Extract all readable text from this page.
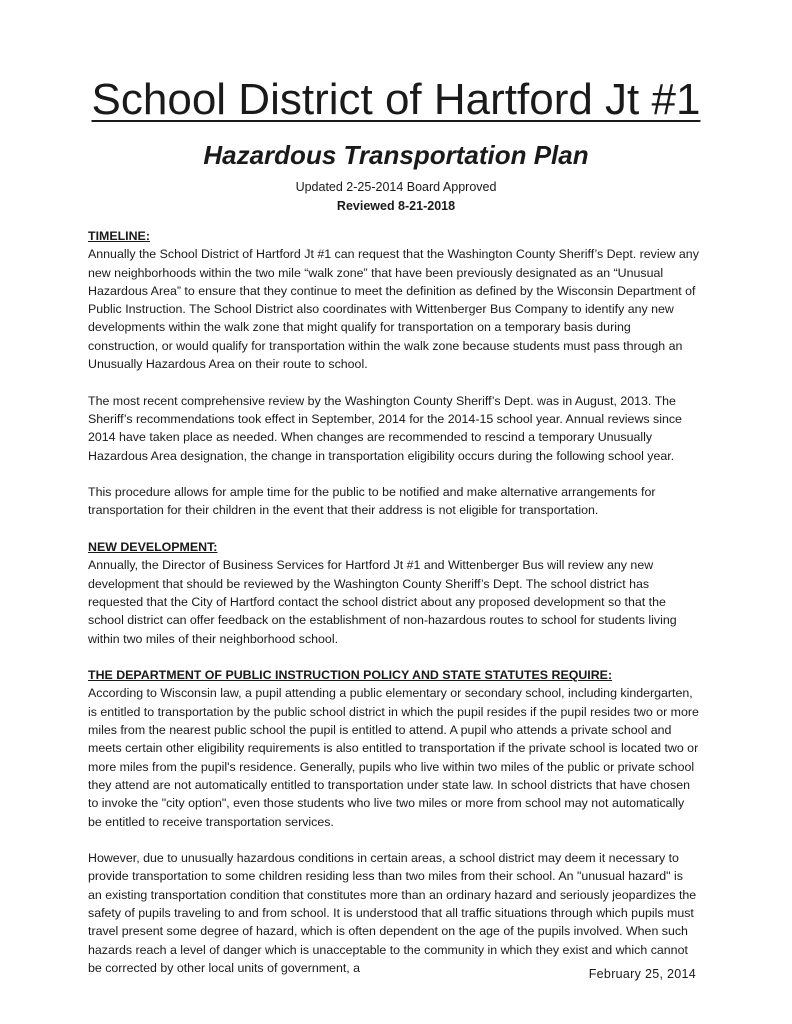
School District of Hartford Jt #1
Hazardous Transportation Plan
Updated 2-25-2014 Board Approved
Reviewed 8-21-2018
TIMELINE:

Annually the School District of Hartford Jt #1 can request that the Washington County Sheriff’s Dept. review any new neighborhoods within the two mile “walk zone” that have been previously designated as an “Unusual Hazardous Area” to ensure that they continue to meet the definition as defined by the Wisconsin Department of Public Instruction. The School District also coordinates with Wittenberger Bus Company to identify any new developments within the walk zone that might qualify for transportation on a temporary basis during construction, or would qualify for transportation within the walk zone because students must pass through an Unusually Hazardous Area on their route to school.

The most recent comprehensive review by the Washington County Sheriff’s Dept. was in August, 2013. The Sheriff’s recommendations took effect in September, 2014 for the 2014-15 school year. Annual reviews since 2014 have taken place as needed. When changes are recommended to rescind a temporary Unusually Hazardous Area designation, the change in transportation eligibility occurs during the following school year.

This procedure allows for ample time for the public to be notified and make alternative arrangements for transportation for their children in the event that their address is not eligible for transportation.

NEW DEVELOPMENT:

Annually, the Director of Business Services for Hartford Jt #1 and Wittenberger Bus will review any new development that should be reviewed by the Washington County Sheriff’s Dept. The school district has requested that the City of Hartford contact the school district about any proposed development so that the school district can offer feedback on the establishment of non-hazardous routes to school for students living within two miles of their neighborhood school.

THE DEPARTMENT OF PUBLIC INSTRUCTION POLICY AND STATE STATUTES REQUIRE:

According to Wisconsin law, a pupil attending a public elementary or secondary school, including kindergarten, is entitled to transportation by the public school district in which the pupil resides if the pupil resides two or more miles from the nearest public school the pupil is entitled to attend. A pupil who attends a private school and meets certain other eligibility requirements is also entitled to transportation if the private school is located two or more miles from the pupil's residence. Generally, pupils who live within two miles of the public or private school they attend are not automatically entitled to transportation under state law. In school districts that have chosen to invoke the "city option", even those students who live two miles or more from school may not automatically be entitled to receive transportation services.

However, due to unusually hazardous conditions in certain areas, a school district may deem it necessary to provide transportation to some children residing less than two miles from their school. An "unusual hazard" is an existing transportation condition that constitutes more than an ordinary hazard and seriously jeopardizes the safety of pupils traveling to and from school. It is understood that all traffic situations through which pupils must travel present some degree of hazard, which is often dependent on the age of the pupils involved. When such hazards reach a level of danger which is unacceptable to the community in which they exist and which cannot be corrected by other local units of government, a	February 25, 2014
